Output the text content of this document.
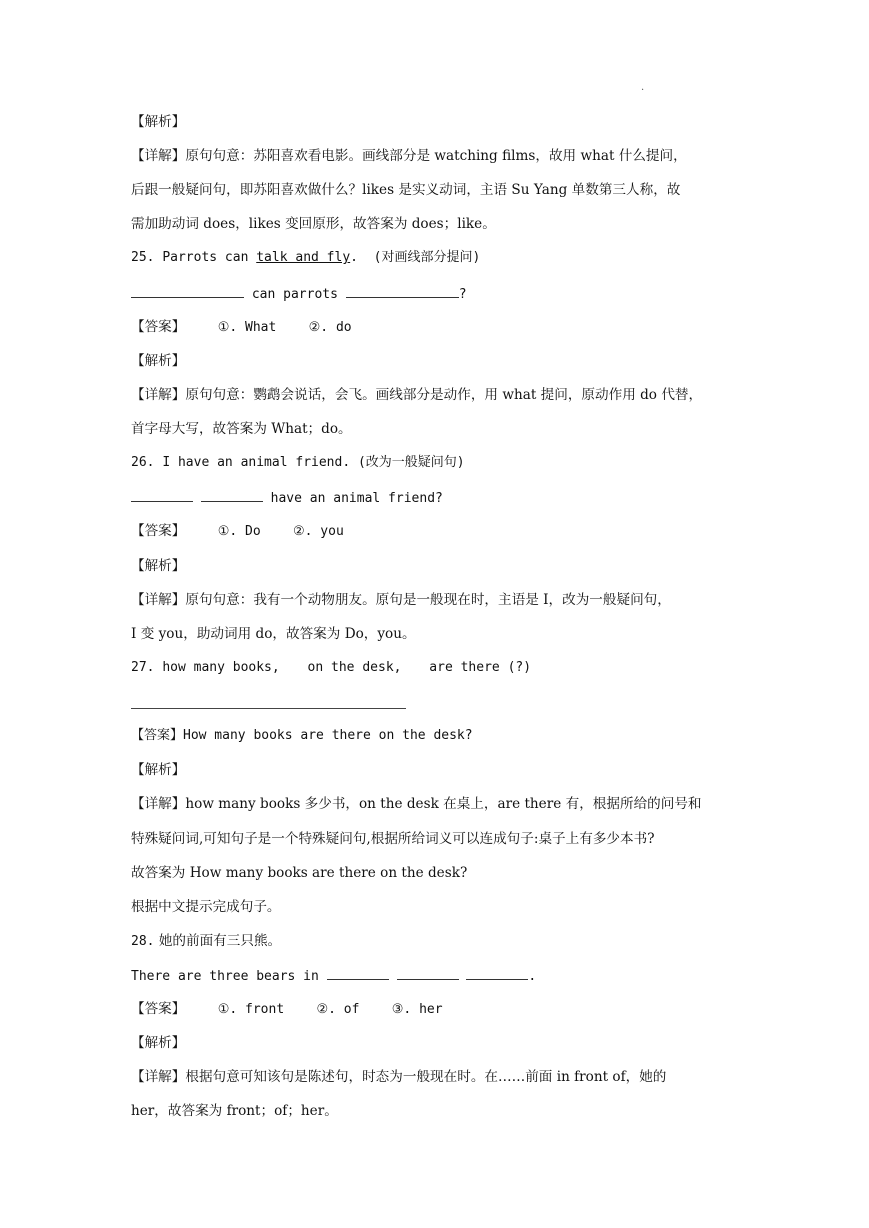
.
【解析】
【详解】原句句意：苏阳喜欢看电影。画线部分是 watching films，故用 what 什么提问，
后跟一般疑问句，即苏阳喜欢做什么？likes 是实义动词，主语 Su Yang 单数第三人称，故
需加助动词 does，likes 变回原形，故答案为 does；like。
25. Parrots can talk and fly. (对画线部分提问)
can parrots	?
【答案】 ①. What ②. do
【解析】
【详解】原句句意：鹦鹉会说话，会飞。画线部分是动作，用 what 提问，原动作用 do 代替，
首字母大写，故答案为 What；do。
26. I have an animal friend. (改为一般疑问句)
have an animal friend?
【答案】 ①. Do ②. you
【解析】
【详解】原句句意：我有一个动物朋友。原句是一般现在时，主语是 I，改为一般疑问句，
I 变 you，助动词用 do，故答案为 Do，you。
27. how many books, on the desk, are there (?)
【答案】How many books are there on the desk?
【解析】
【详解】how many books 多少书，on the desk 在桌上，are there 有，根据所给的问号和
特殊疑问词,可知句子是一个特殊疑问句,根据所给词义可以连成句子:桌子上有多少本书?
故答案为 How many books are there on the desk?
根据中文提示完成句子。
28. 她的前面有三只熊。
There are three bears in	.
【答案】 ①. front ②. of ③. her
【解析】
【详解】根据句意可知该句是陈述句，时态为一般现在时。在……前面 in front of，她的
her，故答案为 front；of；her。
